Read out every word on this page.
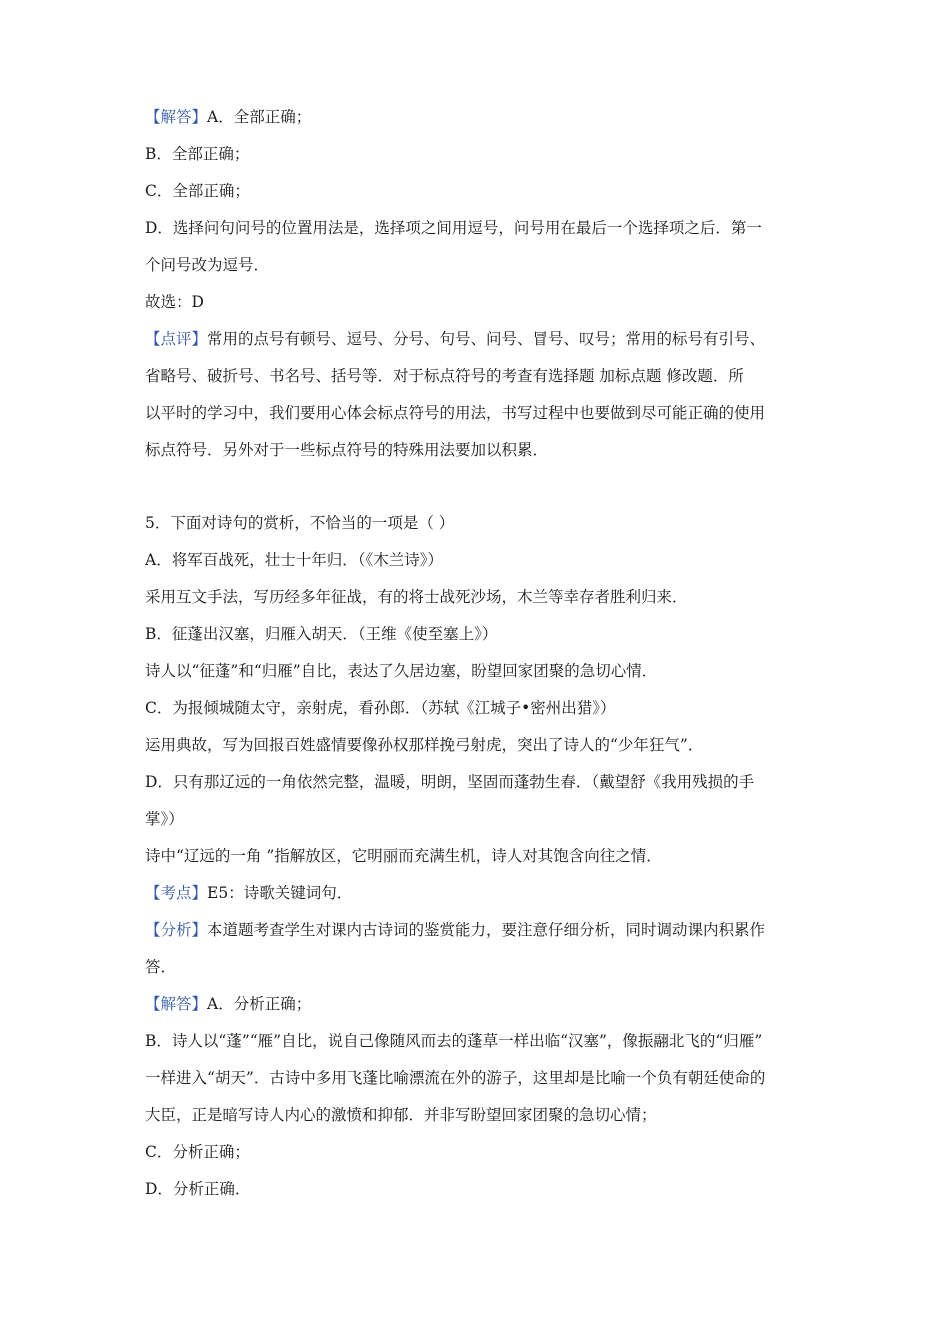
【解答】A．全部正确；
B．全部正确；
C．全部正确；
D．选择问句问号的位置用法是，选择项之间用逗号，问号用在最后一个选择项之后．第一
个问号改为逗号．
故选：D
【点评】常用的点号有顿号、逗号、分号、句号、问号、冒号、叹号；常用的标号有引号、
省略号、破折号、书名号、括号等．对于标点符号的考查有选择题 加标点题 修改题．所
以平时的学习中，我们要用心体会标点符号的用法，书写过程中也要做到尽可能正确的使用
标点符号．另外对于一些标点符号的特殊用法要加以积累．
5．下面对诗句的赏析，不恰当的一项是（ ）
A．将军百战死，壮士十年归．（《木兰诗》）
采用互文手法，写历经多年征战，有的将士战死沙场，木兰等幸存者胜利归来．
B．征蓬出汉塞，归雁入胡天．（王维《使至塞上》）
诗人以“征蓬”和“归雁”自比，表达了久居边塞，盼望回家团聚的急切心情．
C．为报倾城随太守，亲射虎，看孙郎．（苏轼《江城子•密州出猎》）
运用典故，写为回报百姓盛情要像孙权那样挽弓射虎，突出了诗人的“少年狂气”．
D．只有那辽远的一角依然完整，温暖，明朗，坚固而蓬勃生春．（戴望舒《我用残损的手
掌》）
诗中“辽远的一角 ”指解放区，它明丽而充满生机，诗人对其饱含向往之情．
【考点】E5：诗歌关键词句．
【分析】本道题考查学生对课内古诗词的鉴赏能力，要注意仔细分析，同时调动课内积累作
答．
【解答】A．分析正确；
B．诗人以“蓬”“雁”自比，说自己像随风而去的蓬草一样出临“汉塞”，像振翮北飞的“归雁”
一样进入“胡天”．古诗中多用飞蓬比喻漂流在外的游子，这里却是比喻一个负有朝廷使命的
大臣，正是暗写诗人内心的激愤和抑郁．并非写盼望回家团聚的急切心情；
C．分析正确；
D．分析正确．
